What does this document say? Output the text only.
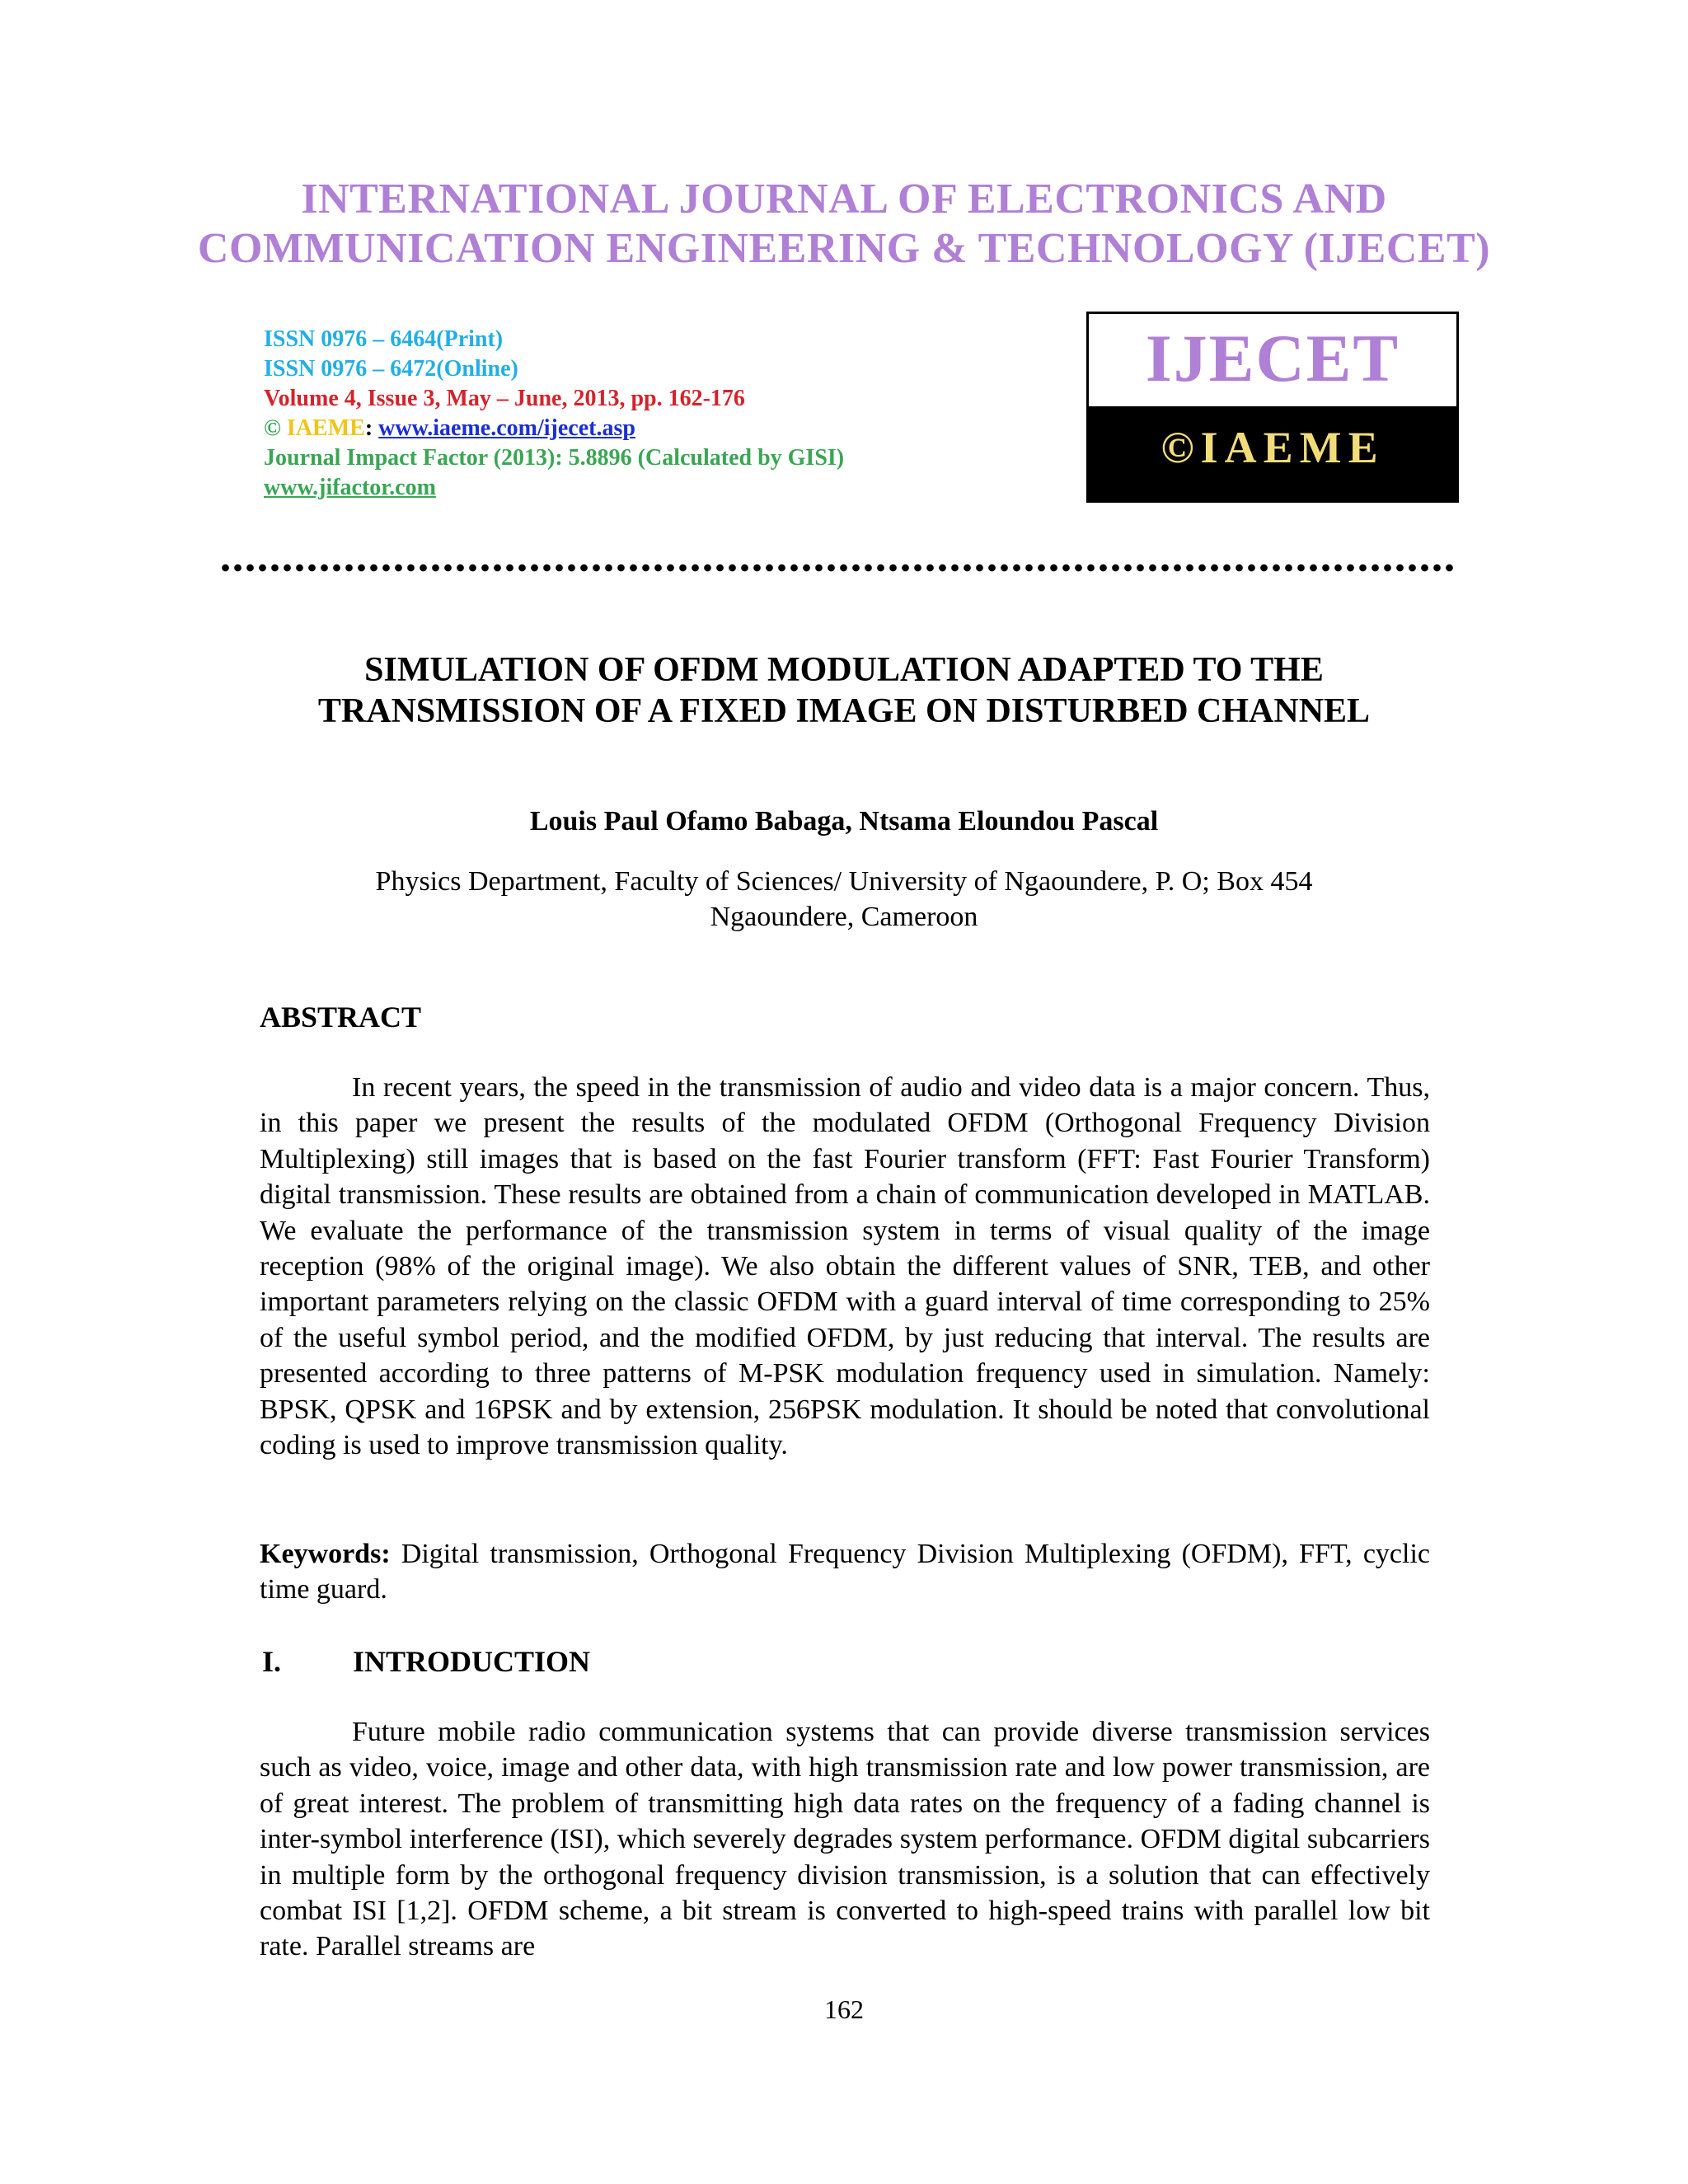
INTERNATIONAL JOURNAL OF ELECTRONICS AND
COMMUNICATION ENGINEERING & TECHNOLOGY (IJECET)
ISSN 0976 – 6464(Print)
ISSN 0976 – 6472(Online)
Volume 4, Issue 3, May – June, 2013, pp. 162-176
© IAEME: www.iaeme.com/ijecet.asp
Journal Impact Factor (2013): 5.8896 (Calculated by GISI)
www.jifactor.com
IJECET
©IAEME
SIMULATION OF OFDM MODULATION ADAPTED TO THE
TRANSMISSION OF A FIXED IMAGE ON DISTURBED CHANNEL
Louis Paul Ofamo Babaga, Ntsama Eloundou Pascal
Physics Department, Faculty of Sciences/ University of Ngaoundere, P. O; Box 454
Ngaoundere, Cameroon
ABSTRACT

In recent years, the speed in the transmission of audio and video data is a major concern. Thus, in this paper we present the results of the modulated OFDM (Orthogonal Frequency Division Multiplexing) still images that is based on the fast Fourier transform (FFT: Fast Fourier Transform) digital transmission. These results are obtained from a chain of communication developed in MATLAB. We evaluate the performance of the transmission system in terms of visual quality of the image reception (98% of the original image). We also obtain the different values of SNR, TEB, and other important parameters relying on the classic OFDM with a guard interval of time corresponding to 25% of the useful symbol period, and the modified OFDM, by just reducing that interval. The results are presented according to three patterns of M-PSK modulation frequency used in simulation. Namely: BPSK, QPSK and 16PSK and by extension, 256PSK modulation. It should be noted that convolutional coding is used to improve transmission quality.

Keywords: Digital transmission, Orthogonal Frequency Division Multiplexing (OFDM), FFT, cyclic time guard.

I. INTRODUCTION

Future mobile radio communication systems that can provide diverse transmission services such as video, voice, image and other data, with high transmission rate and low power transmission, are of great interest. The problem of transmitting high data rates on the frequency of a fading channel is inter-symbol interference (ISI), which severely degrades system performance. OFDM digital subcarriers in multiple form by the orthogonal frequency division transmission, is a solution that can effectively combat ISI [1,2]. OFDM scheme, a bit stream is converted to high-speed trains with parallel low bit rate. Parallel streams are

162
